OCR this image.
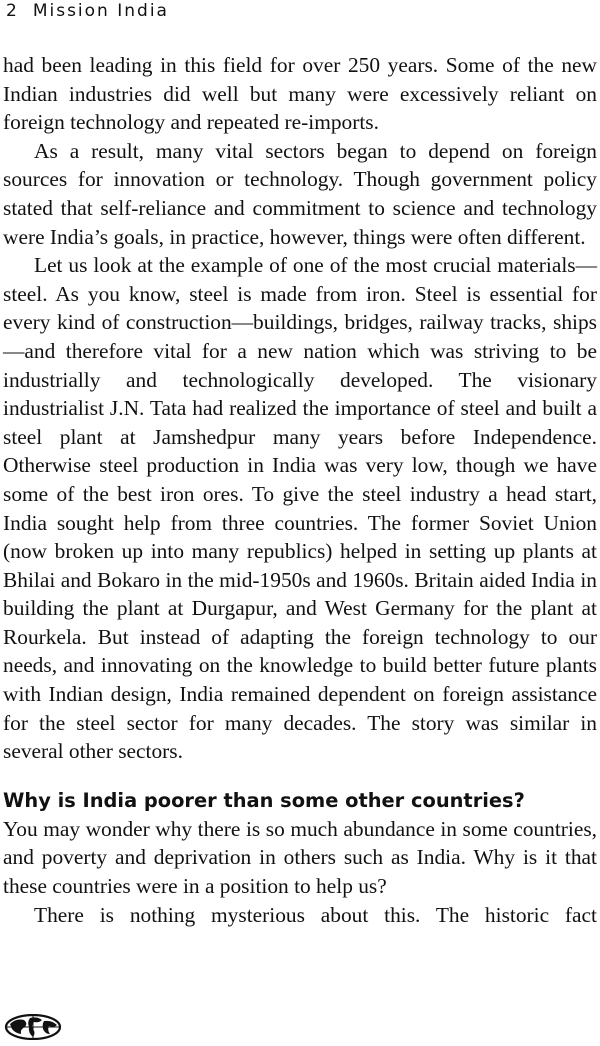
2 Mission India

had been leading in this field for over 250 years. Some of the new Indian industries did well but many were excessively reliant on foreign technology and repeated re-imports.

As a result, many vital sectors began to depend on foreign sources for innovation or technology. Though government policy stated that self-reliance and commitment to science and technology were India’s goals, in practice, however, things were often different.

Let us look at the example of one of the most crucial materials—steel. As you know, steel is made from iron. Steel is essential for every kind of construction—buildings, bridges, railway tracks, ships—and therefore vital for a new nation which was striving to be industrially and technologically developed. The visionary industrialist J.N. Tata had realized the importance of steel and built a steel plant at Jamshedpur many years before Independence. Otherwise steel production in India was very low, though we have some of the best iron ores. To give the steel industry a head start, India sought help from three countries. The former Soviet Union (now broken up into many republics) helped in setting up plants at Bhilai and Bokaro in the mid-1950s and 1960s. Britain aided India in building the plant at Durgapur, and West Germany for the plant at Rourkela. But instead of adapting the foreign technology to our needs, and innovating on the knowledge to build better future plants with Indian design, India remained dependent on foreign assistance for the steel sector for many decades. The story was similar in several other sectors.

Why is India poorer than some other countries?

You may wonder why there is so much abundance in some countries, and poverty and deprivation in others such as India. Why is it that these countries were in a position to help us?

There is nothing mysterious about this. The historic fact
